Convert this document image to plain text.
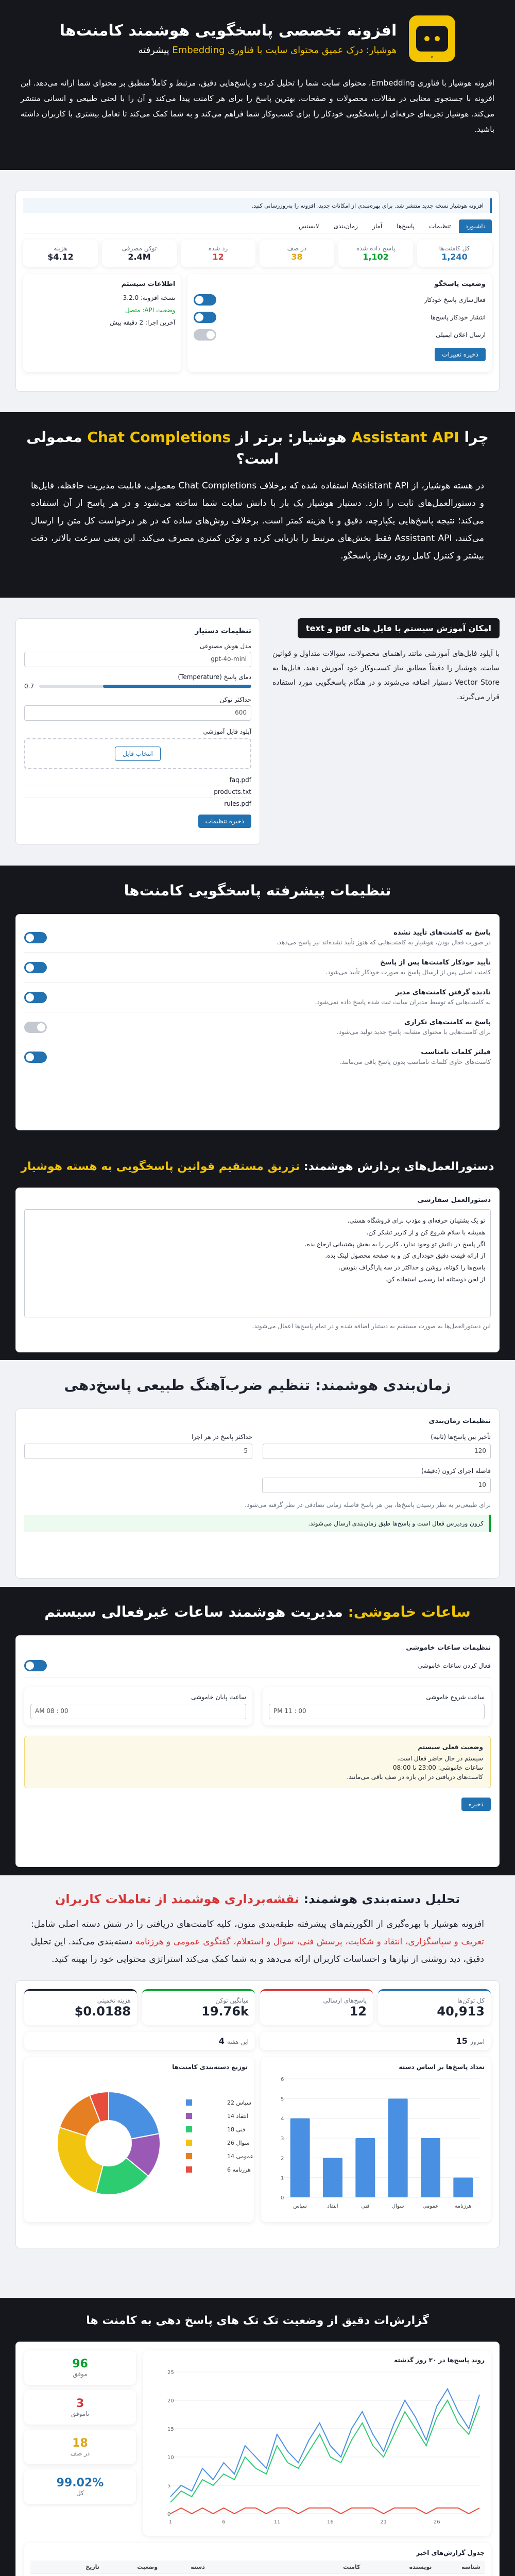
ه
افزونه تخصصی پاسخگویی هوشمند کامنت‌ها
هوشیار: درک عمیق محتوای سایت با فناوری Embedding پیشرفته

افزونه هوشیار با فناوری Embedding، محتوای سایت شما را تحلیل کرده و پاسخ‌هایی دقیق، مرتبط و کاملاً منطبق بر محتوای شما ارائه می‌دهد. این افزونه با جستجوی معنایی در مقالات، محصولات و صفحات، بهترین پاسخ را برای هر کامنت پیدا می‌کند و آن را با لحنی طبیعی و انسانی منتشر می‌کند. هوشیار تجربه‌ای حرفه‌ای از پاسخگویی خودکار را برای کسب‌وکار شما فراهم می‌کند و به شما کمک می‌کند تا تعامل بیشتری با کاربران داشته باشید.

افزونه هوشیار نسخه جدید منتشر شد. برای بهره‌مندی از امکانات جدید، افزونه را به‌روزرسانی کنید.
داشبورد
تنظیمات
پاسخ‌ها
آمار
زمان‌بندی
لایسنس
کل کامنت‌ها
1,240
پاسخ داده شده
1,102
در صف
38
رد شده
12
توکن مصرفی
2.4M
هزینه
$4.12
وضعیت پاسخگو
فعال‌سازی پاسخ خودکار
انتشار خودکار پاسخ‌ها
ارسال اعلان ایمیلی
ذخیره تغییرات
اطلاعات سیستم
نسخه افزونه: 3.2.0
وضعیت API: متصل
آخرین اجرا: 2 دقیقه پیش
چرا Assistant API هوشیار: برتر از Chat Completions معمولی است؟

در هسته هوشیار، از Assistant API استفاده شده که برخلاف Chat Completions معمولی، قابلیت مدیریت حافظه، فایل‌ها و دستورالعمل‌های ثابت را دارد. دستیار هوشیار یک بار با دانش سایت شما ساخته می‌شود و در هر پاسخ از آن استفاده می‌کند؛ نتیجه پاسخ‌هایی یکپارچه، دقیق و با هزینه کمتر است. برخلاف روش‌های ساده که در هر درخواست کل متن را ارسال می‌کنند، Assistant API فقط بخش‌های مرتبط را بازیابی کرده و توکن کمتری مصرف می‌کند. این یعنی سرعت بالاتر، دقت بیشتر و کنترل کامل روی رفتار پاسخگو.

امکان آموزش سیستم با فایل های pdf و text

با آپلود فایل‌های آموزشی مانند راهنمای محصولات، سوالات متداول و قوانین سایت، هوشیار را دقیقاً مطابق نیاز کسب‌وکار خود آموزش دهید. فایل‌ها به Vector Store دستیار اضافه می‌شوند و در هنگام پاسخگویی مورد استفاده قرار می‌گیرند.

تنظیمات دستیار
مدل هوش مصنوعی
gpt-4o-mini
دمای پاسخ (Temperature)
0.7
حداکثر توکن
600
آپلود فایل آموزشی
انتخاب فایل
faq.pdf
products.txt
rules.pdf
ذخیره تنظیمات
تنظیمات پیشرفته پاسخگویی کامنت‌ها
پاسخ به کامنت‌های تأیید نشده
در صورت فعال بودن، هوشیار به کامنت‌هایی که هنوز تأیید نشده‌اند نیز پاسخ می‌دهد.
تأیید خودکار کامنت‌ها پس از پاسخ
کامنت اصلی پس از ارسال پاسخ به صورت خودکار تأیید می‌شود.
نادیده گرفتن کامنت‌های مدیر
به کامنت‌هایی که توسط مدیران سایت ثبت شده پاسخ داده نمی‌شود.
پاسخ به کامنت‌های تکراری
برای کامنت‌هایی با محتوای مشابه، پاسخ جدید تولید می‌شود.
فیلتر کلمات نامناسب
کامنت‌های حاوی کلمات نامناسب بدون پاسخ باقی می‌مانند.
دستورالعمل‌های پردازش هوشمند: تزریق مستقیم قوانین پاسخگویی به هسته هوشیار
دستورالعمل سفارشی
تو یک پشتیبان حرفه‌ای و مؤدب برای فروشگاه هستی.
همیشه با سلام شروع کن و از کاربر تشکر کن.
اگر پاسخ در دانش تو وجود ندارد، کاربر را به بخش پشتیبانی ارجاع بده.
از ارائه قیمت دقیق خودداری کن و به صفحه محصول لینک بده.
پاسخ‌ها را کوتاه، روشن و حداکثر در سه پاراگراف بنویس.
از لحن دوستانه اما رسمی استفاده کن.
این دستورالعمل‌ها به صورت مستقیم به دستیار اضافه شده و در تمام پاسخ‌ها اعمال می‌شوند.
زمان‌بندی هوشمند: تنظیم ضرب‌آهنگ طبیعی پاسخ‌دهی
تنظیمات زمان‌بندی
تأخیر بین پاسخ‌ها (ثانیه)
120
حداکثر پاسخ در هر اجرا
5
فاصله اجرای کرون (دقیقه)
10
برای طبیعی‌تر به نظر رسیدن پاسخ‌ها، بین هر پاسخ فاصله زمانی تصادفی در نظر گرفته می‌شود.
کرون وردپرس فعال است و پاسخ‌ها طبق زمان‌بندی ارسال می‌شوند.
ساعات خاموشی: مدیریت هوشمند ساعات غیرفعالی سیستم
تنظیمات ساعات خاموشی
فعال کردن ساعات خاموشی
ساعت شروع خاموشی
PM 11 : 00
ساعت پایان خاموشی
AM 08 : 00
وضعیت فعلی سیستم
سیستم در حال حاضر فعال است.
ساعات خاموشی: 23:00 تا 08:00
کامنت‌های دریافتی در این بازه در صف باقی می‌مانند.
ذخیره
تحلیل دسته‌بندی هوشمند: نقشه‌برداری هوشمند از تعاملات کاربران

افزونه هوشیار با بهره‌گیری از الگوریتم‌های پیشرفته طبقه‌بندی متون، کلیه کامنت‌های دریافتی را در شش دسته اصلی شامل: تعریف و سپاسگزاری، انتقاد و شکایت، پرسش فنی، سوال و استعلام، گفتگوی عمومی و هرزنامه دسته‌بندی می‌کند. این تحلیل دقیق، دید روشنی از نیازها و احساسات کاربران ارائه می‌دهد و به شما کمک می‌کند استراتژی محتوایی خود را بهینه کنید.

کل توکن‌ها
40,913
پاسخ‌های ارسالی
12
میانگین توکن
19.76k
هزینه تخمینی
$0.0188
امروز 15
این هفته 4
تعداد پاسخ‌ها بر اساس دسته
0
1
2
3
4
5
6
سپاس	انتقاد	فنی	سوال	عمومی	هرزنامه
توزیع دسته‌بندی کامنت‌ها
سپاس 22
انتقاد 14
فنی 18
سوال 26
عمومی 14
هرزنامه 6
گزارش‌ات دقیق از وضعیت تک تک های پاسخ دهی به کامنت ها
روند پاسخ‌ها در ۳۰ روز گذشته
0
5
10
15
20
25
1	6	11	16	21	26
96
موفق
3
ناموفق
18
در صف
99.02%
کل
جدول گزارش‌های اخیر
شناسه	نویسنده	کامنت	دسته	وضعیت	تاریخ
